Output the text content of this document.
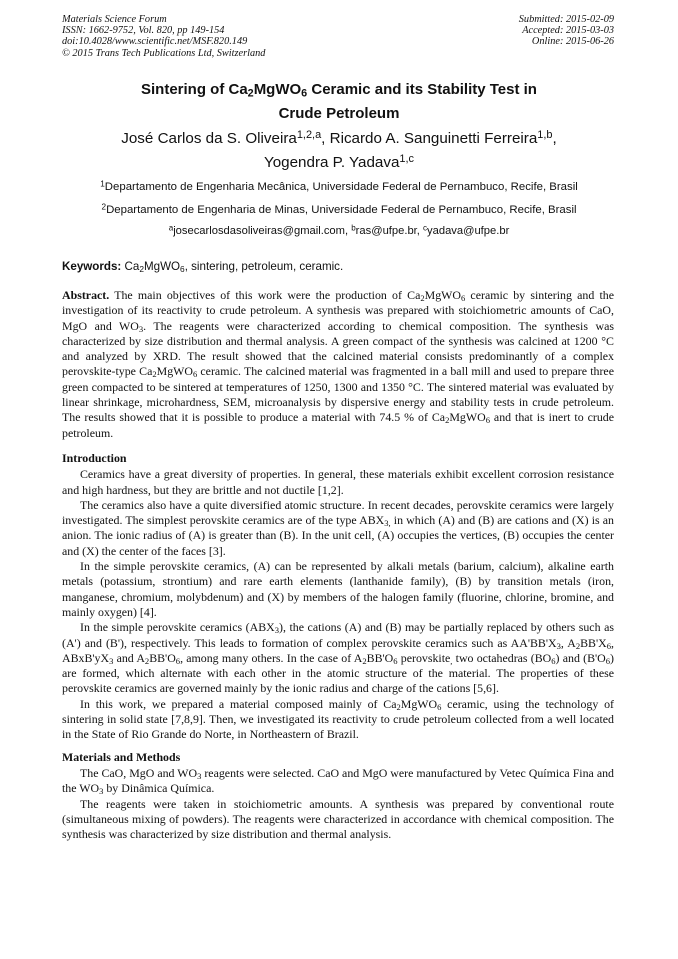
Materials Science Forum
ISSN: 1662-9752, Vol. 820, pp 149-154
doi:10.4028/www.scientific.net/MSF.820.149
© 2015 Trans Tech Publications Ltd, Switzerland
Submitted: 2015-02-09
Accepted: 2015-03-03
Online: 2015-06-26
Sintering of $Ca_2MgWO_6$ Ceramic and its Stability Test in
Crude Petroleum
José Carlos da S. Oliveira$^{1,2,a}$, Ricardo A. Sanguinetti Ferreira$^{1,b}$,
Yogendra P. Yadava$^{1,c}$
$^1$Departamento de Engenharia Mecânica, Universidade Federal de Pernambuco, Recife, Brasil
$^2$Departamento de Engenharia de Minas, Universidade Federal de Pernambuco, Recife, Brasil
$^a$josecarlosdasoliveiras@gmail.com, $^b$ras@ufpe.br, $^c$yadava@ufpe.br
Keywords: $Ca_2MgWO_6$, sintering, petroleum, ceramic.

Abstract. The main objectives of this work were the production of $Ca_2MgWO_6$ ceramic by sintering and the investigation of its reactivity to crude petroleum. A synthesis was prepared with stoichiometric amounts of CaO, MgO and $WO_3$. The reagents were characterized according to chemical composition. The synthesis was characterized by size distribution and thermal analysis. A green compact of the synthesis was calcined at 1200 °C and analyzed by XRD. The result showed that the calcined material consists predominantly of a complex perovskite-type $Ca_2MgWO_6$ ceramic. The calcined material was fragmented in a ball mill and used to prepare three green compacted to be sintered at temperatures of 1250, 1300 and 1350 °C. The sintered material was evaluated by linear shrinkage, microhardness, SEM, microanalysis by dispersive energy and stability tests in crude petroleum. The results showed that it is possible to produce a material with 74.5 % of $Ca_2MgWO_6$ and that is inert to crude petroleum.

Introduction

Ceramics have a great diversity of properties. In general, these materials exhibit excellent corrosion resistance and high hardness, but they are brittle and not ductile [1,2].

The ceramics also have a quite diversified atomic structure. In recent decades, perovskite ceramics were largely investigated. The simplest perovskite ceramics are of the type $ABX_{3,}$ in which (A) and (B) are cations and (X) is an anion. The ionic radius of (A) is greater than (B). In the unit cell, (A) occupies the vertices, (B) occupies the center and (X) the center of the faces [3].

In the simple perovskite ceramics, (A) can be represented by alkali metals (barium, calcium), alkaline earth metals (potassium, strontium) and rare earth elements (lanthanide family), (B) by transition metals (iron, manganese, chromium, molybdenum) and (X) by members of the halogen family (fluorine, chlorine, bromine, and mainly oxygen) [4].

In the simple perovskite ceramics $(ABX_3)$, the cations (A) and (B) may be partially replaced by others such as (A') and (B'), respectively. This leads to formation of complex perovskite ceramics such as $AA'BB'X_3$, $A_2BB'X_6$, $ABxB'yX_3$ and $A_2BB'O_6$, among many others. In the case of $A_2BB'O_6$ perovskite$_,$ two octahedras $(BO_6)$ and $(B'O_6)$ are formed, which alternate with each other in the atomic structure of the material. The properties of these perovskite ceramics are governed mainly by the ionic radius and charge of the cations [5,6].

In this work, we prepared a material composed mainly of $Ca_2MgWO_6$ ceramic, using the technology of sintering in solid state [7,8,9]. Then, we investigated its reactivity to crude petroleum collected from a well located in the State of Rio Grande do Norte, in Northeastern of Brazil.

Materials and Methods

The CaO, MgO and $WO_3$ reagents were selected. CaO and MgO were manufactured by Vetec Química Fina and the $WO_3$ by Dinâmica Química.

The reagents were taken in stoichiometric amounts. A synthesis was prepared by conventional route (simultaneous mixing of powders). The reagents were characterized in accordance with chemical composition. The synthesis was characterized by size distribution and thermal analysis.
